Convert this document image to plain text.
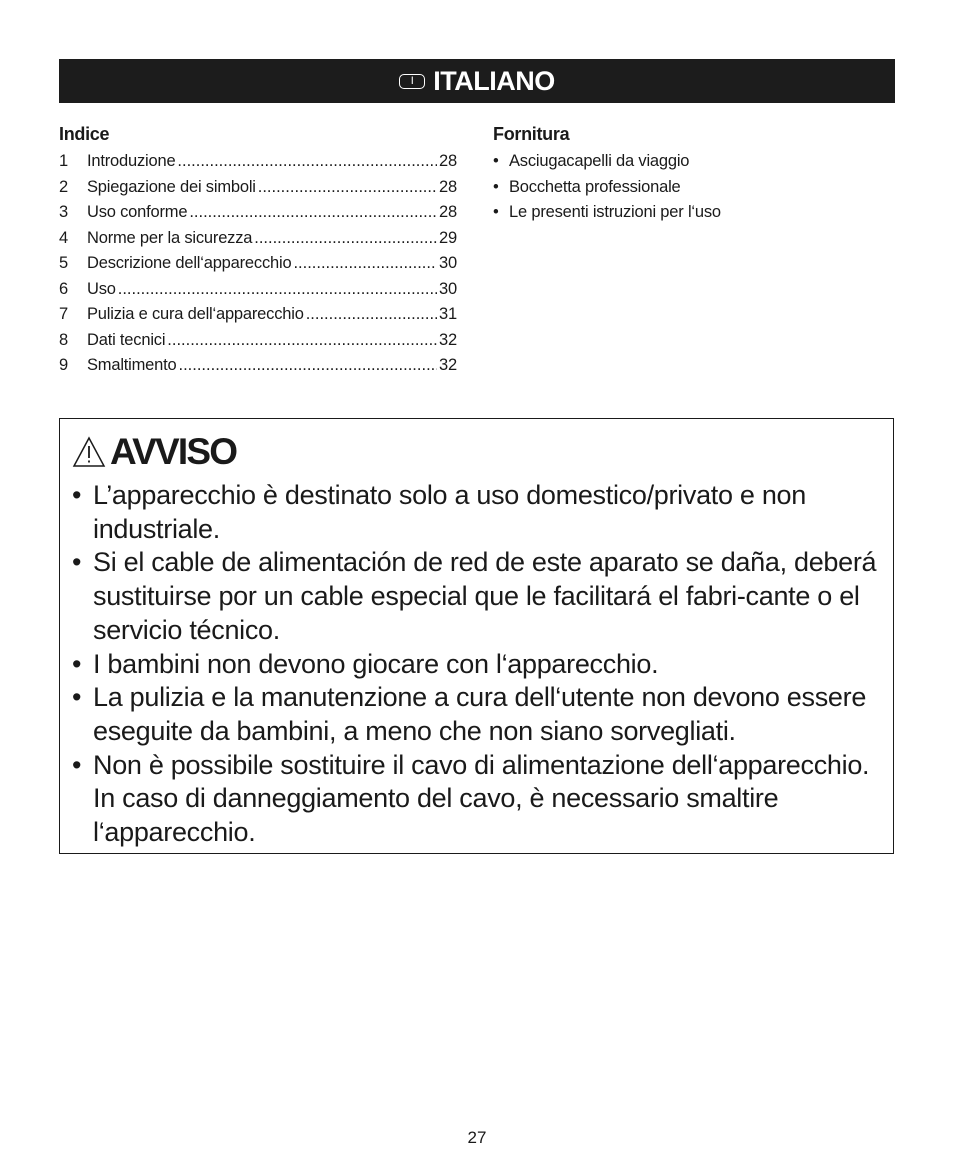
I ITALIANO
Indice
1	Introduzione .....	28
2	Spiegazione dei simboli .....	28
3	Uso conforme .....	28
4	Norme per la sicurezza .....	29
5	Descrizione dell‘apparecchio .....	30
6	Uso .....	30
7	Pulizia e cura dell‘apparecchio .....	31
8	Dati tecnici .....	32
9	Smaltimento .....	32
Fornitura
• Asciugacapelli da viaggio
• Bocchetta professionale
• Le presenti istruzioni per l‘uso
AVVISO
• L’apparecchio è destinato solo a uso domestico/privato e non industriale.
• Si el cable de alimentación de red de este aparato se daña, deberá sustituirse por un cable especial que le facilitará el fabri-cante o el servicio técnico.
• I bambini non devono giocare con l‘apparecchio.
• La pulizia e la manutenzione a cura dell‘utente non devono essere eseguite da bambini, a meno che non siano sorvegliati.
• Non è possibile sostituire il cavo di alimentazione dell‘apparecchio. In caso di danneggiamento del cavo, è necessario smaltire l‘apparecchio.
27
